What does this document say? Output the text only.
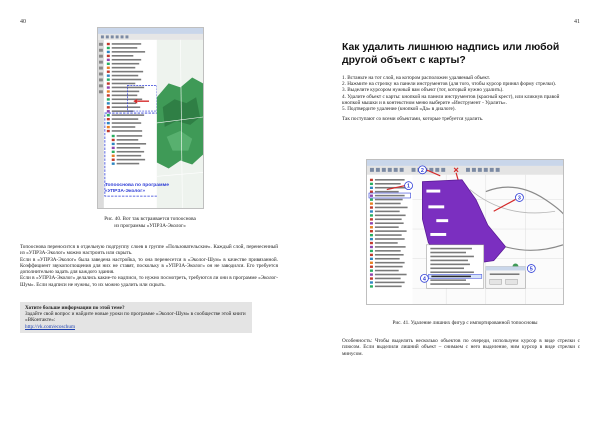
40
Топооснова по программе
«УПРЗА-Эколог»
Рис. 40. Вот так встраивается топооснова
из программы «УПРЗА-Эколог»

Топооснова переносится в отдельную подгруппу слоев в группе «Пользовательские». Каждый слой, перенесенный из «УПРЗА-Эколог» можно настроить или скрыть.

Если в «УПРЗА-Эколог» была заведена настройка, то она перенесется в «Эколог-Шум» в качестве привязанной. Коэффициент звукопоглощения для них не ставят, поскольку в «УПРЗА-Эколог» он не заводился. Его требуется дополнительно задать для каждого здания.

Если в «УПРЗА-Эколог» делались какие-то надписи, то нужно посмотреть, требуются ли они в программе «Эколог-Шум». Если надписи не нужны, то их можно удалить или скрыть.

Хотите больше информации по этой теме?
Задайте свой вопрос и найдите новые уроки по программе «Эколог-Шум» в сообществе этой книги «ВКонтакте»:
http://vk.com/ecoschum
41
Как удалить лишнюю надпись или любой другой объект с карты?
1. Встаньте на тот слой, на котором расположен удаляемый объект.
2. Нажмите на стрелку на панели инструментов (для того, чтобы курсор принял форму стрелки).
3. Выделите курсором нужный вам объект (тот, который нужно удалить).
4. Удалите объект с карты: кнопкой на панели инструментов (красный крест), или кликнув правой кнопкой мышки и в контекстном меню выберите «Инструмент - Удалить».
5. Подтвердите удаление (кнопкой «Да» в диалоге).
Так поступают со всеми объектами, которые требуется удалить.
1
2
3
4
5
Рис. 41. Удаление лишних фигур с импортированной топоосновы
Особенность: Чтобы выделить несколько объектов по очереди, используем курсор в виде стрелки с плюсом. Если выделили лишний объект – снимаем с него выделение, ним курсор в виде стрелки с минусом.
